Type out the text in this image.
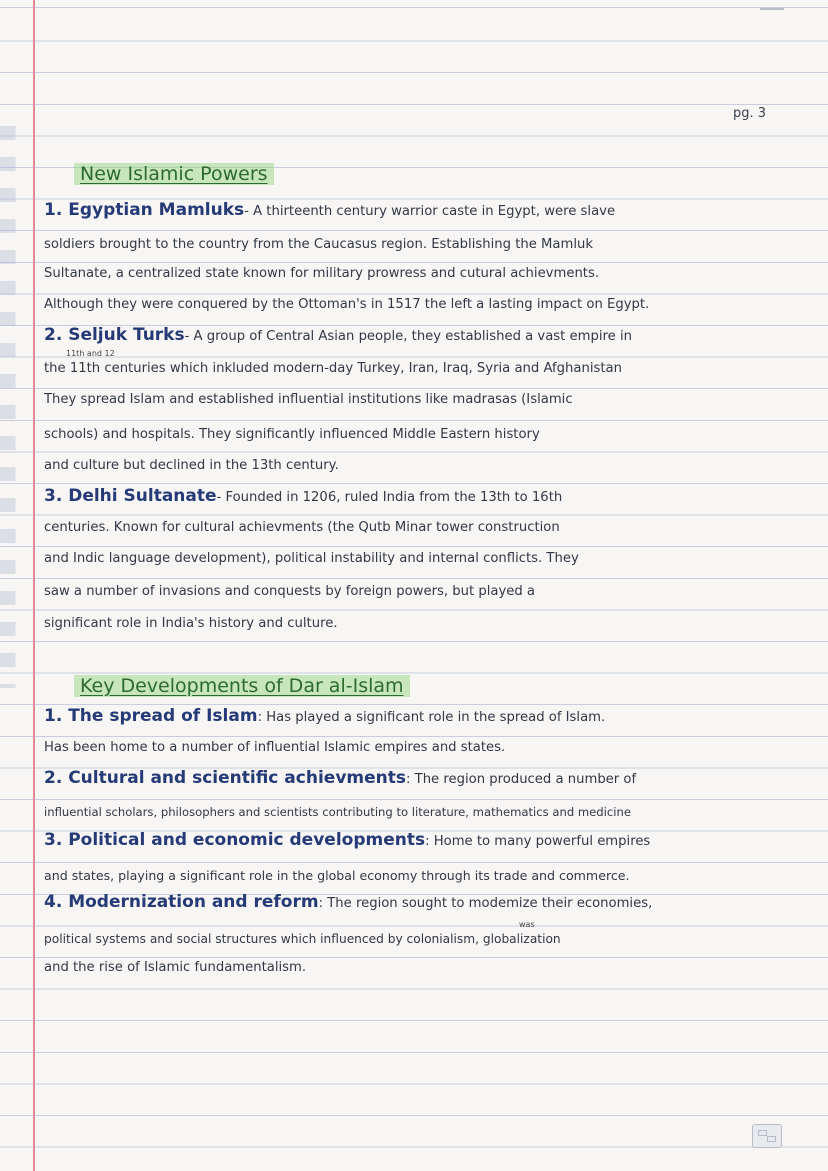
pg. 3
New Islamic Powers
1. Egyptian Mamluks- A thirteenth century warrior caste in Egypt, were slave
soldiers brought to the country from the Caucasus region. Establishing the Mamluk
Sultanate, a centralized state known for military prowress and cutural achievments.
Although they were conquered by the Ottoman's in 1517 the left a lasting impact on Egypt.
2. Seljuk Turks- A group of Central Asian people, they established a vast empire in
11th and 12
the 11th centuries which inkluded modern-day Turkey, Iran, Iraq, Syria and Afghanistan
They spread Islam and established influential institutions like madrasas (Islamic
schools) and hospitals. They significantly influenced Middle Eastern history
and culture but declined in the 13th century.
3. Delhi Sultanate- Founded in 1206, ruled India from the 13th to 16th
centuries. Known for cultural achievments (the Qutb Minar tower construction
and Indic language development), political instability and internal conflicts. They
saw a number of invasions and conquests by foreign powers, but played a
significant role in India's history and culture.
Key Developments of Dar al-Islam
1. The spread of Islam: Has played a significant role in the spread of Islam.
Has been home to a number of influential Islamic empires and states.
2. Cultural and scientific achievments: The region produced a number of
influential scholars, philosophers and scientists contributing to literature, mathematics and medicine
3. Political and economic developments: Home to many powerful empires
and states, playing a significant role in the global economy through its trade and commerce.
4. Modernization and reform: The region sought to modemize their economies,
was
political systems and social structures which influenced by colonialism, globalization
and the rise of Islamic fundamentalism.
